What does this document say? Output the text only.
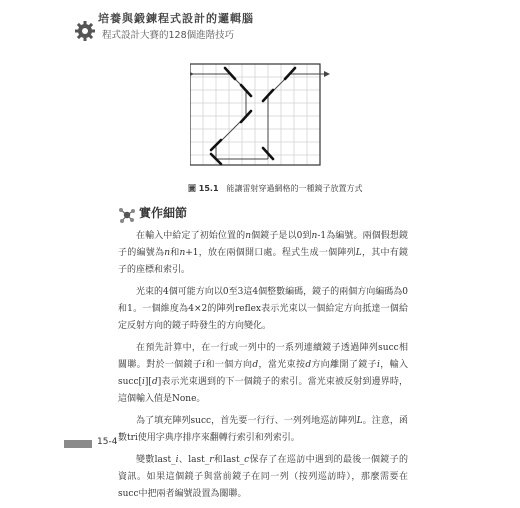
培養與鍛鍊程式設計的邏輯腦
程式設計大賽的128個進階技巧
圖 15.1 能讓雷射穿過網格的一種鏡子放置方式
實作細節

在輸入中給定了初始位置的n個鏡子是以0到n-1為編號。兩個假想鏡子的編號為n和n+1，放在兩個開口處。程式生成一個陣列L，其中有鏡子的座標和索引。

光束的4個可能方向以0至3這4個整數編碼，鏡子的兩個方向編碼為0和1。一個維度為4×2的陣列reflex表示光束以一個給定方向抵達一個給定反射方向的鏡子時發生的方向變化。

在預先計算中，在一行或一列中的一系列連續鏡子透過陣列succ相關聯。對於一個鏡子i和一個方向d，當光束按d方向離開了鏡子i，輸入succ[i][d]表示光束遇到的下一個鏡子的索引。當光束被反射到邊界時，這個輸入值是None。

為了填充陣列succ，首先要一行行、一列列地巡訪陣列L。注意，函數tri使用字典序排序來翻轉行索引和列索引。

變數last_i、last_r和last_c保存了在巡訪中遇到的最後一個鏡子的資訊。如果這個鏡子與當前鏡子在同一列（按列巡訪時），那麼需要在succ中把兩者編號設置為關聯。

15-4
